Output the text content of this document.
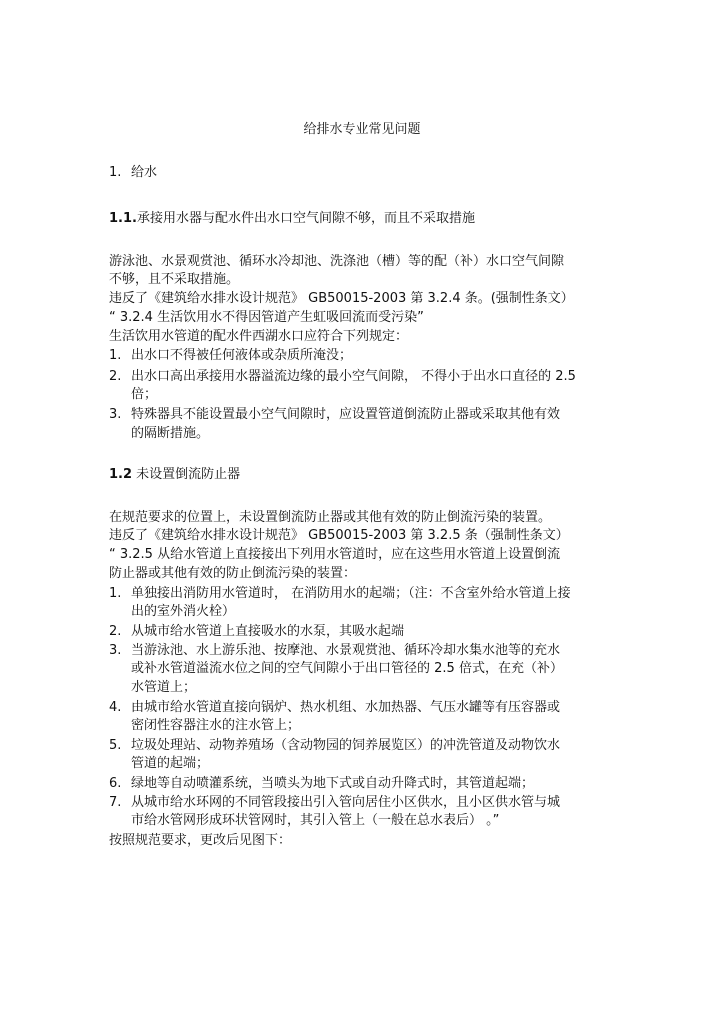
给排水专业常见问题
1. 给水
1.1.承接用水器与配水件出水口空气间隙不够，而且不采取措施
游泳池、水景观赏池、循环水冷却池、洗涤池（槽）等的配（补）水口空气间隙
不够，且不采取措施。
违反了《建筑给水排水设计规范》 GB50015-2003 第 3.2.4 条。(强制性条文）
“ 3.2.4 生活饮用水不得因管道产生虹吸回流而受污染”
生活饮用水管道的配水件西湖水口应符合下列规定：
1. 出水口不得被任何液体或杂质所淹没；
2. 出水口高出承接用水器溢流边缘的最小空气间隙， 不得小于出水口直径的 2.5
倍；
3. 特殊器具不能设置最小空气间隙时，应设置管道倒流防止器或采取其他有效
的隔断措施。
1.2 未设置倒流防止器
在规范要求的位置上，未设置倒流防止器或其他有效的防止倒流污染的装置。
违反了《建筑给水排水设计规范》 GB50015-2003 第 3.2.5 条（强制性条文）
“ 3.2.5 从给水管道上直接接出下列用水管道时，应在这些用水管道上设置倒流
防止器或其他有效的防止倒流污染的装置：
1. 单独接出消防用水管道时， 在消防用水的起端；（注：不含室外给水管道上接
出的室外消火栓）
2. 从城市给水管道上直接吸水的水泵，其吸水起端
3. 当游泳池、水上游乐池、按摩池、水景观赏池、循环冷却水集水池等的充水
或补水管道溢流水位之间的空气间隙小于出口管径的 2.5 倍式，在充（补）
水管道上；
4. 由城市给水管道直接向锅炉、热水机组、水加热器、气压水罐等有压容器或
密闭性容器注水的注水管上；
5. 垃圾处理站、动物养殖场（含动物园的饲养展览区）的冲洗管道及动物饮水
管道的起端；
6. 绿地等自动喷灌系统，当喷头为地下式或自动升降式时，其管道起端；
7. 从城市给水环网的不同管段接出引入管向居住小区供水，且小区供水管与城
市给水管网形成环状管网时，其引入管上（一般在总水表后） 。”
按照规范要求，更改后见图下：
